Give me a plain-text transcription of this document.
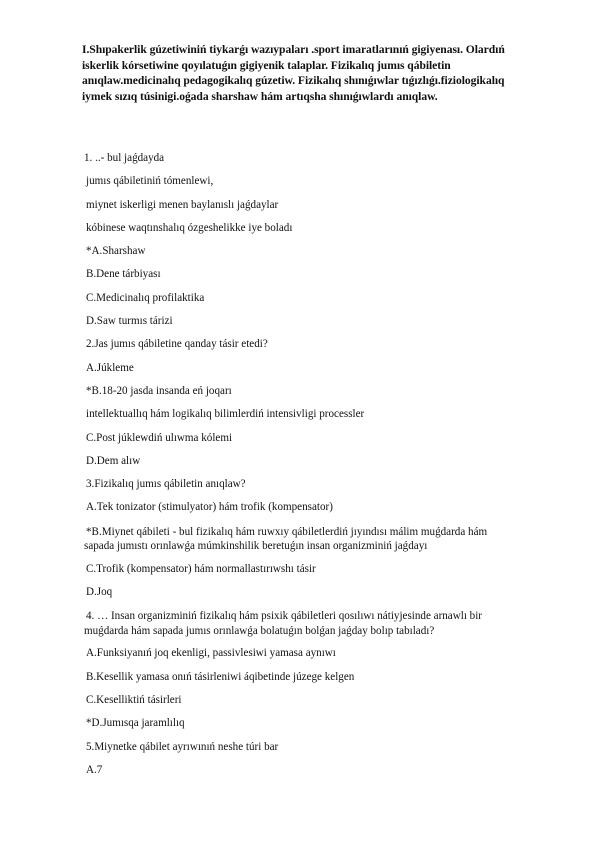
I.Shıpakerlik gúzetiwiniń tiykarǵı wazıypaları .sport imaratlarınıń gigiyenası. Olardıń
iskerlik kórsetiwine qoyılatuǵın gigiyenik talaplar. Fizikalıq jumıs qábiletin
anıqlaw.medicinalıq pedagogikalıq gúzetiw. Fizikalıq shınıǵıwlar tıǵızlıǵı.fiziologikalıq
iymek sızıq túsinigi.oǵada sharshaw hám artıqsha shınıǵıwlardı anıqlaw.
1. ..- bul jaǵdayda
jumıs qábiletiniń tómenlewi,
miynet iskerligi menen baylanıslı jaǵdaylar
kóbinese waqtınshalıq ózgeshelikke iye boladı
*A.Sharshaw
B.Dene tárbiyası
C.Medicinalıq profilaktika
D.Saw turmıs tárizi
2.Jas jumıs qábiletine qanday tásir etedi?
A.Júkleme
*B.18-20 jasda insanda eń joqarı
intellektuallıq hám logikalıq bilimlerdiń intensivligi processler
C.Post júklewdiń ulıwma kólemi
D.Dem alıw
3.Fizikalıq jumıs qábiletin anıqlaw?
A.Tek tonizator (stimulyator) hám trofik (kompensator)
*B.Miynet qábileti - bul fizikalıq hám ruwxıy qábiletlerdiń jıyındısı málim muǵdarda hám
sapada jumıstı orınlawǵa múmkinshilik beretuǵın insan organizminiń jaǵdayı
C.Trofik (kompensator) hám normallastırıwshı tásir
D.Joq
4. … Insan organizminiń fizikalıq hám psixik qábiletleri qosılıwı nátiyjesinde arnawlı bir
muǵdarda hám sapada jumıs orınlawǵa bolatuǵın bolǵan jaǵday bolıp tabıladı?
A.Funksiyanıń joq ekenligi, passivlesiwi yamasa aynıwı
B.Kesellik yamasa onıń tásirleniwi áqibetinde júzege kelgen
C.Keselliktiń tásirleri
*D.Jumısqa jaramlılıq
5.Miynetke qábilet ayrıwınıń neshe túri bar
A.7
